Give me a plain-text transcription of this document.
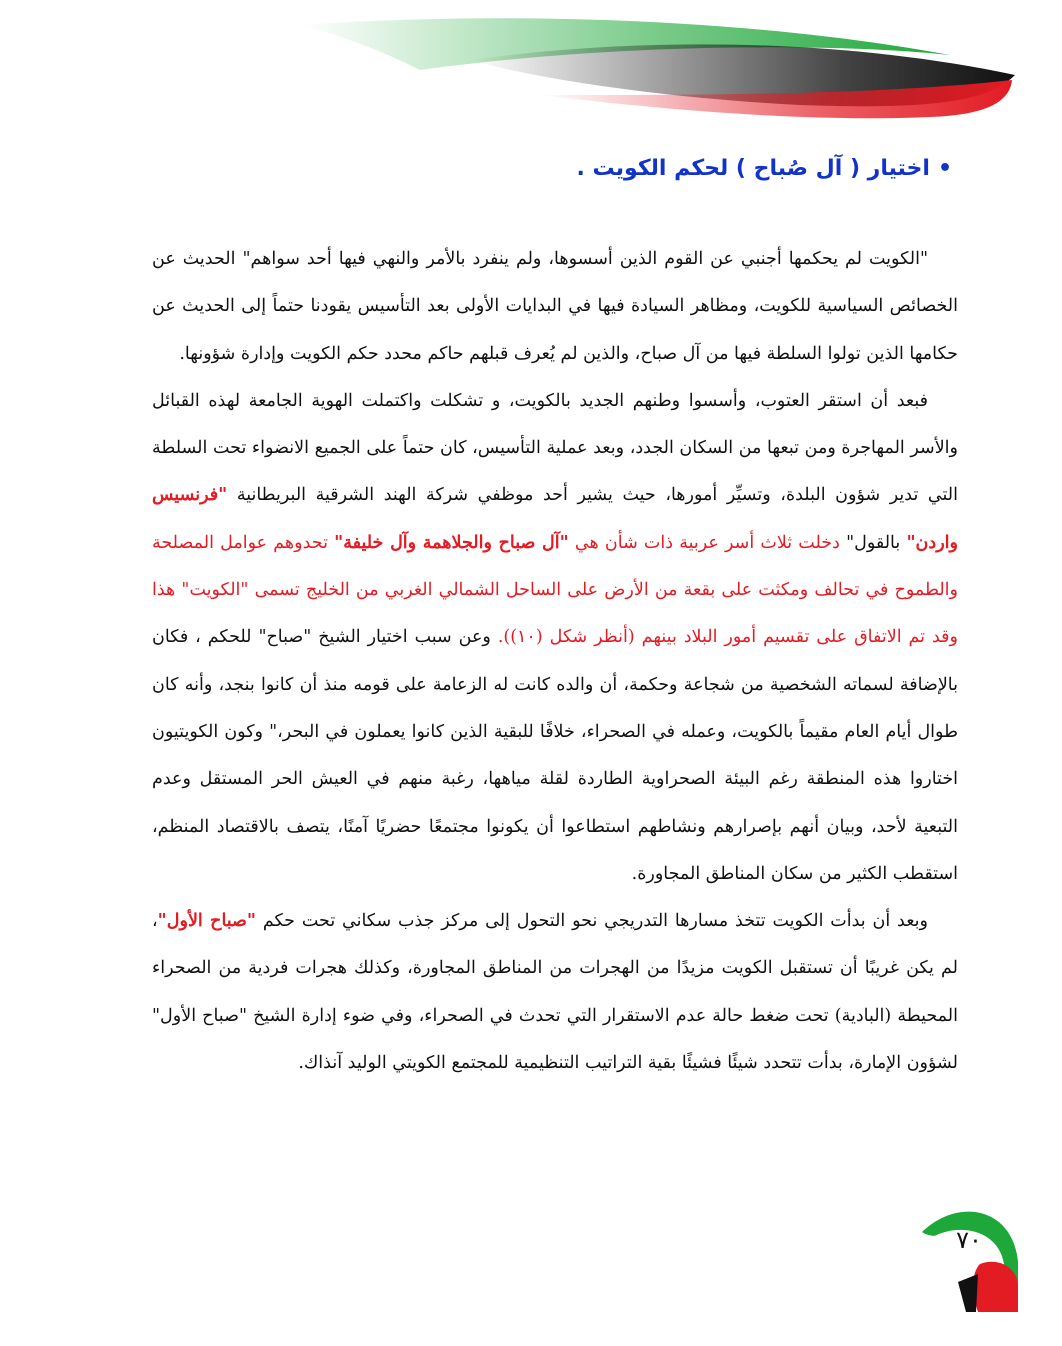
•اختيار ( آل صُباح ) لحكم الكويت .

"الكويت لم يحكمها أجنبي عن القوم الذين أسسوها، ولم ينفرد بالأمر والنهي فيها أحد سواهم" الحديث عن الخصائص السياسية للكويت، ومظاهر السيادة فيها في البدايات الأولى بعد التأسيس يقودنا حتماً إلى الحديث عن حكامها الذين تولوا السلطة فيها من آل صباح، والذين لم يُعرف قبلهم حاكم محدد حكم الكويت وإدارة شؤونها.

فبعد أن استقر العتوب، وأسسوا وطنهم الجديد بالكويت، و تشكلت واكتملت الهوية الجامعة لهذه القبائل والأسر المهاجرة ومن تبعها من السكان الجدد، وبعد عملية التأسيس، كان حتماً على الجميع الانضواء تحت السلطة التي تدير شؤون البلدة، وتسيِّر أمورها، حيث يشير أحد موظفي شركة الهند الشرقية البريطانية "فرنسيس واردن" بالقول" دخلت ثلاث أسر عربية ذات شأن هي "آل صباح والجلاهمة وآل خليفة" تحدوهم عوامل المصلحة والطموح في تحالف ومكثت على بقعة من الأرض على الساحل الشمالي الغربي من الخليج تسمى "الكويت" هذا وقد تم الاتفاق على تقسيم أمور البلاد بينهم (أنظر شكل (١٠)). وعن سبب اختيار الشيخ "صباح" للحكم ، فكان بالإضافة لسماته الشخصية من شجاعة وحكمة، أن والده كانت له الزعامة على قومه منذ أن كانوا بنجد، وأنه كان طوال أيام العام مقيماً بالكويت، وعمله في الصحراء، خلافًا للبقية الذين كانوا يعملون في البحر،" وكون الكويتيون اختاروا هذه المنطقة رغم البيئة الصحراوية الطاردة لقلة مياهها، رغبة منهم في العيش الحر المستقل وعدم التبعية لأحد، وبيان أنهم بإصرارهم ونشاطهم استطاعوا أن يكونوا مجتمعًا حضريًا آمنًا، يتصف بالاقتصاد المنظم، استقطب الكثير من سكان المناطق المجاورة.

وبعد أن بدأت الكويت تتخذ مسارها التدريجي نحو التحول إلى مركز جذب سكاني تحت حكم "صباح الأول"، لم يكن غريبًا أن تستقبل الكويت مزيدًا من الهجرات من المناطق المجاورة، وكذلك هجرات فردية من الصحراء المحيطة (البادية) تحت ضغط حالة عدم الاستقرار التي تحدث في الصحراء، وفي ضوء إدارة الشيخ "صباح الأول" لشؤون الإمارة، بدأت تتحدد شيئًا فشيئًا بقية التراتيب التنظيمية للمجتمع الكويتي الوليد آنذاك.

٧٠
